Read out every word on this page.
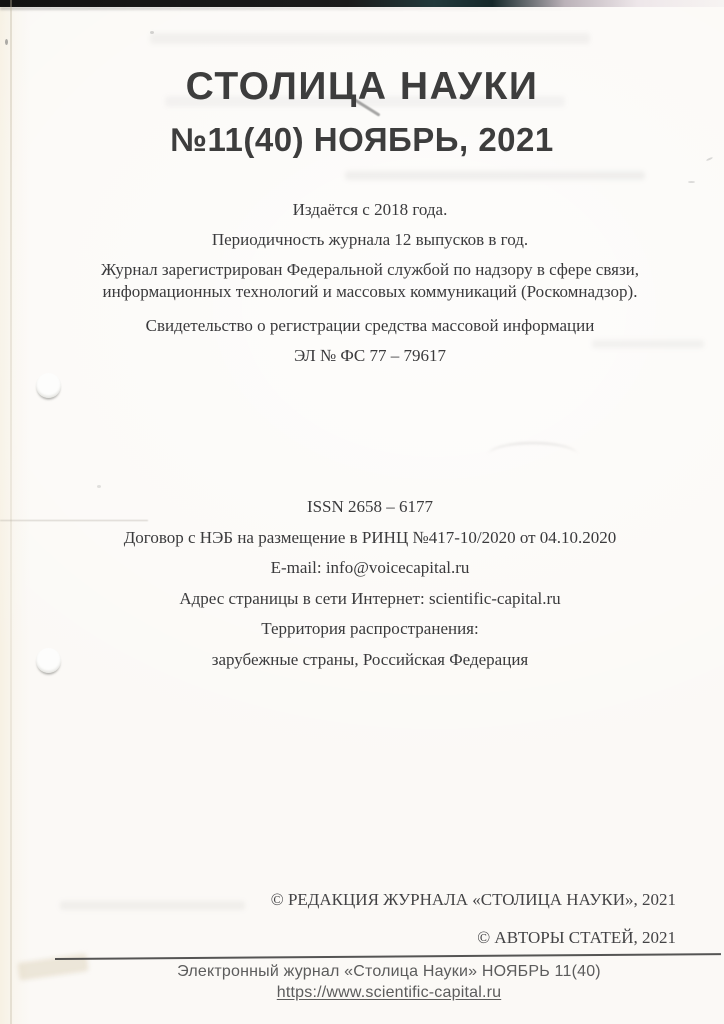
СТОЛИЦА НАУКИ
№11(40) НОЯБРЬ, 2021

Издаётся с 2018 года.

Периодичность журнала 12 выпусков в год.

Журнал зарегистрирован Федеральной службой по надзору в сфере связи, информационных технологий и массовых коммуникаций (Роскомнадзор).

Свидетельство о регистрации средства массовой информации

ЭЛ № ФС 77 – 79617

ISSN 2658 – 6177

Договор с НЭБ на размещение в РИНЦ №417-10/2020 от 04.10.2020

E-mail: info@voicecapital.ru

Адрес страницы в сети Интернет: scientific-capital.ru

Территория распространения:

зарубежные страны, Российская Федерация

© РЕДАКЦИЯ ЖУРНАЛА «СТОЛИЦА НАУКИ», 2021
© АВТОРЫ СТАТЕЙ, 2021
Электронный журнал «Столица Науки» НОЯБРЬ 11(40)
https://www.scientific-capital.ru
